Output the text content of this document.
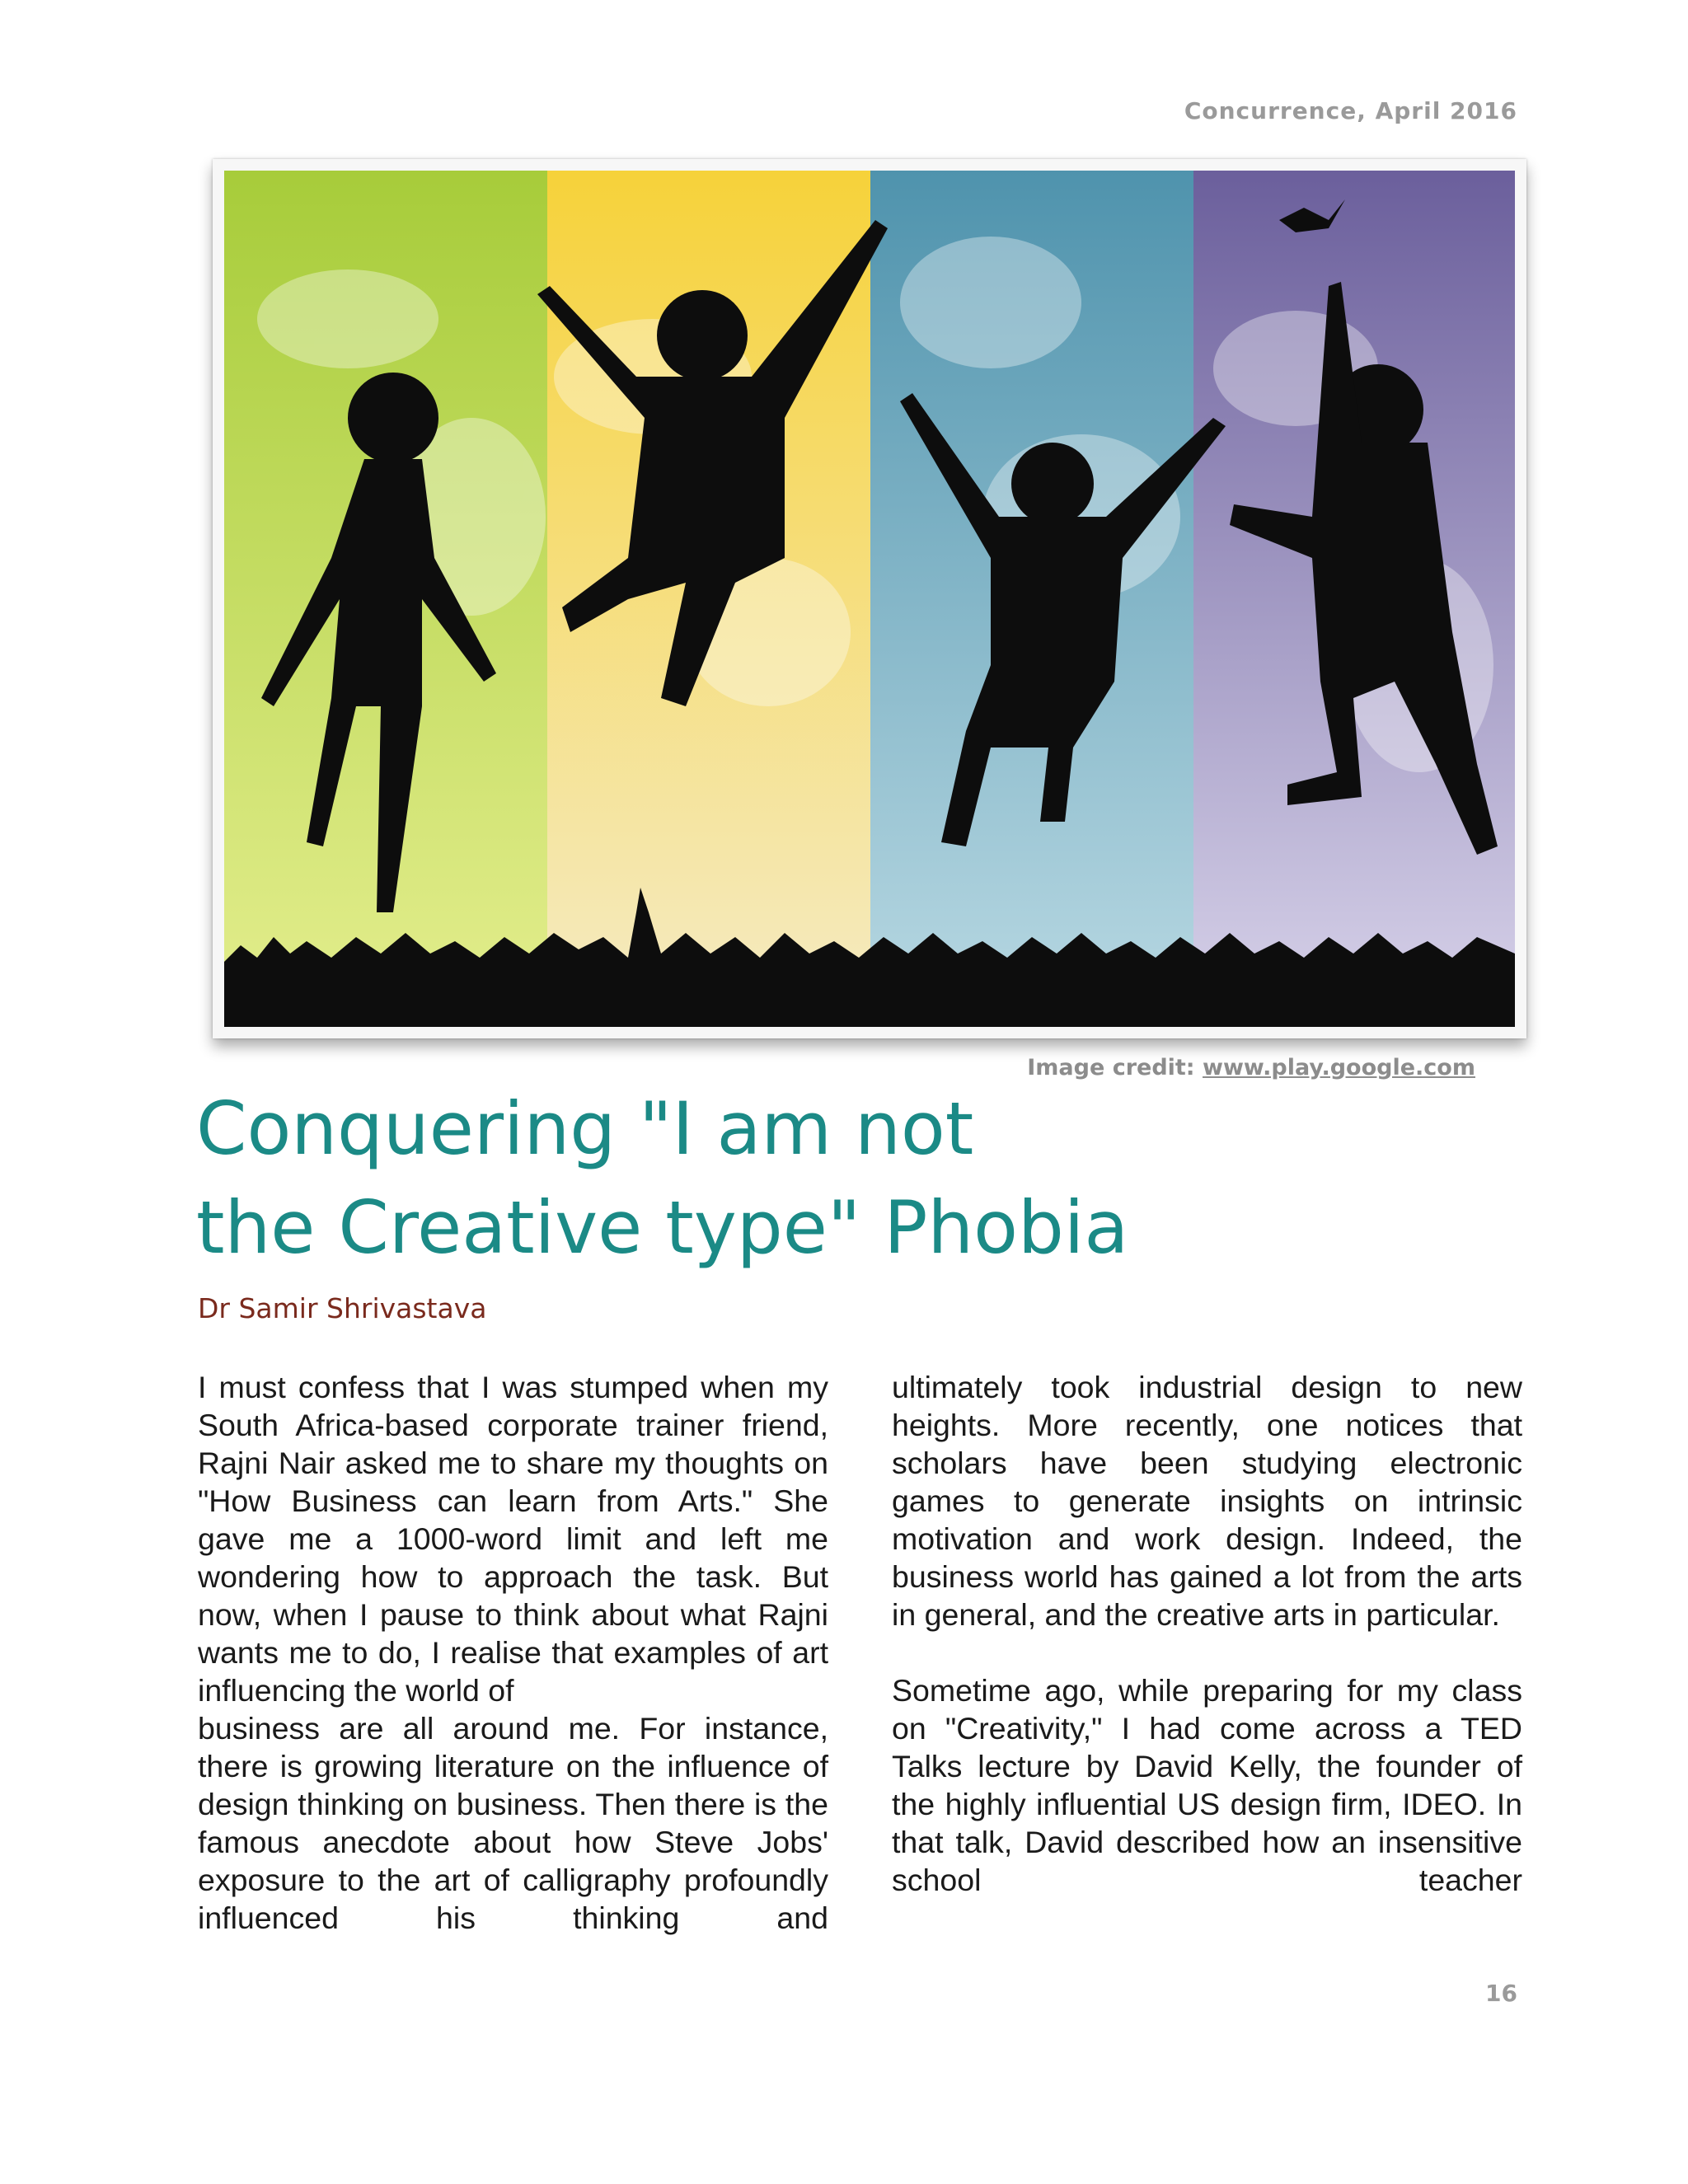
Concurrence, April 2016
Image credit: www.play.google.com
Conquering "I am not
the Creative type" Phobia
Dr Samir Shrivastava

I must confess that I was stumped when my South Africa-based corporate trainer friend, Rajni Nair asked me to share my thoughts on "How Business can learn from Arts." She gave me a 1000-word limit and left me wondering how to approach the task. But now, when I pause to think about what Rajni wants me to do, I realise that examples of art influencing the world of

business are all around me. For instance, there is growing literature on the influence of design thinking on business. Then there is the famous anecdote about how Steve Jobs' exposure to the art of calligraphy profoundly influenced his thinking and

ultimately took industrial design to new heights. More recently, one notices that scholars have been studying electronic games to generate insights on intrinsic motivation and work design. Indeed, the business world has gained a lot from the arts in general, and the creative arts in particular.

Sometime ago, while preparing for my class on "Creativity," I had come across a TED Talks lecture by David Kelly, the founder of the highly influential US design firm, IDEO. In that talk, David described how an insensitive school teacher

16
